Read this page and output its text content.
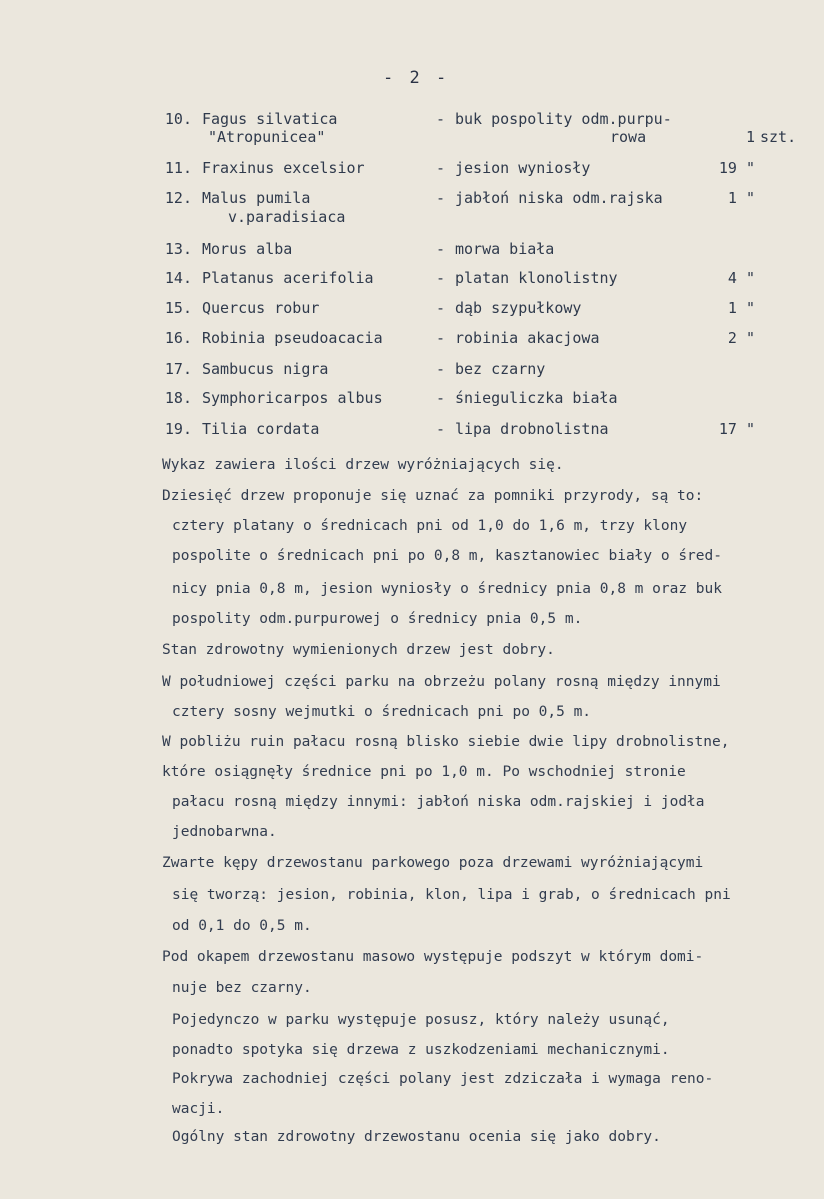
- 2 -
10. Fagus silvatica	- buk pospolity odm.purpu-
"Atropunicea"	rowa	1 szt.
11. Fraxinus excelsior	- jesion wyniosły	19 "
12. Malus pumila	- jabłoń niska odm.rajska	1 "
v.paradisiaca
13. Morus alba	- morwa biała
14. Platanus acerifolia	- platan klonolistny	4 "
15. Quercus robur	- dąb szypułkowy	1 "
16. Robinia pseudoacacia	- robinia akacjowa	2 "
17. Sambucus nigra	- bez czarny
18. Symphoricarpos albus	- śnieguliczka biała
19. Tilia cordata	- lipa drobnolistna	17 "
Wykaz zawiera ilości drzew wyróżniających się.
Dziesięć drzew proponuje się uznać za pomniki przyrody, są to:
cztery platany o średnicach pni od 1,0 do 1,6 m, trzy klony
pospolite o średnicach pni po 0,8 m, kasztanowiec biały o śred-
nicy pnia 0,8 m, jesion wyniosły o średnicy pnia 0,8 m oraz buk
pospolity odm.purpurowej o średnicy pnia 0,5 m.
Stan zdrowotny wymienionych drzew jest dobry.
W południowej części parku na obrzeżu polany rosną między innymi
cztery sosny wejmutki o średnicach pni po 0,5 m.
W pobliżu ruin pałacu rosną blisko siebie dwie lipy drobnolistne,
które osiągnęły średnice pni po 1,0 m. Po wschodniej stronie
pałacu rosną między innymi: jabłoń niska odm.rajskiej i jodła
jednobarwna.
Zwarte kępy drzewostanu parkowego poza drzewami wyróżniającymi
się tworzą: jesion, robinia, klon, lipa i grab, o średnicach pni
od 0,1 do 0,5 m.
Pod okapem drzewostanu masowo występuje podszyt w którym domi-
nuje bez czarny.
Pojedynczo w parku występuje posusz, który należy usunąć,
ponadto spotyka się drzewa z uszkodzeniami mechanicznymi.
Pokrywa zachodniej części polany jest zdziczała i wymaga reno-
wacji.
Ogólny stan zdrowotny drzewostanu ocenia się jako dobry.
